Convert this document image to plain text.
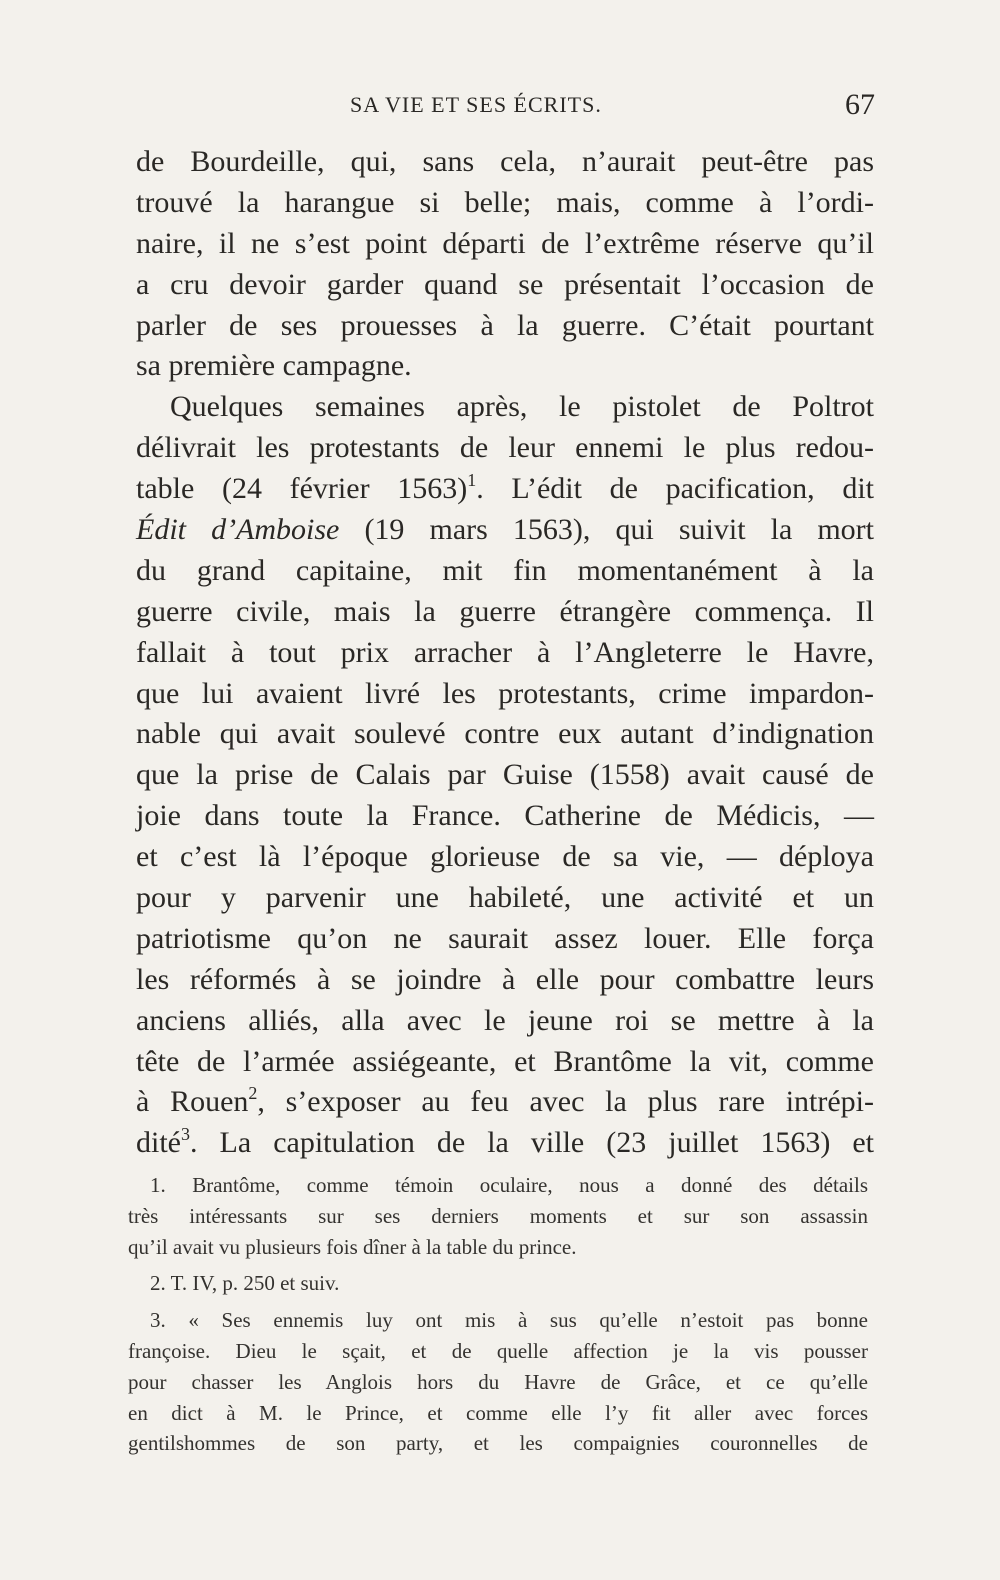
SA VIE ET SES ÉCRITS.	67
de Bourdeille, qui, sans cela, n’aurait peut-être pas
trouvé la harangue si belle; mais, comme à l’ordi-
naire, il ne s’est point départi de l’extrême réserve qu’il
a cru devoir garder quand se présentait l’occasion de
parler de ses prouesses à la guerre. C’était pourtant
sa première campagne.
Quelques semaines après, le pistolet de Poltrot
délivrait les protestants de leur ennemi le plus redou-
table (24 février 1563)$^1$. L’édit de pacification, dit
Édit d’Amboise (19 mars 1563), qui suivit la mort
du grand capitaine, mit fin momentanément à la
guerre civile, mais la guerre étrangère commença. Il
fallait à tout prix arracher à l’Angleterre le Havre,
que lui avaient livré les protestants, crime impardon-
nable qui avait soulevé contre eux autant d’indignation
que la prise de Calais par Guise (1558) avait causé de
joie dans toute la France. Catherine de Médicis, —
et c’est là l’époque glorieuse de sa vie, — déploya
pour y parvenir une habileté, une activité et un
patriotisme qu’on ne saurait assez louer. Elle força
les réformés à se joindre à elle pour combattre leurs
anciens alliés, alla avec le jeune roi se mettre à la
tête de l’armée assiégeante, et Brantôme la vit, comme
à Rouen$^2$, s’exposer au feu avec la plus rare intrépi-
dité$^3$. La capitulation de la ville (23 juillet 1563) et
1. Brantôme, comme témoin oculaire, nous a donné des détails
très intéressants sur ses derniers moments et sur son assassin
qu’il avait vu plusieurs fois dîner à la table du prince.
2. T. IV, p. 250 et suiv.
3. « Ses ennemis luy ont mis à sus qu’elle n’estoit pas bonne
françoise. Dieu le sçait, et de quelle affection je la vis pousser
pour chasser les Anglois hors du Havre de Grâce, et ce qu’elle
en dict à M. le Prince, et comme elle l’y fit aller avec forces
gentilshommes de son party, et les compaignies couronnelles de
